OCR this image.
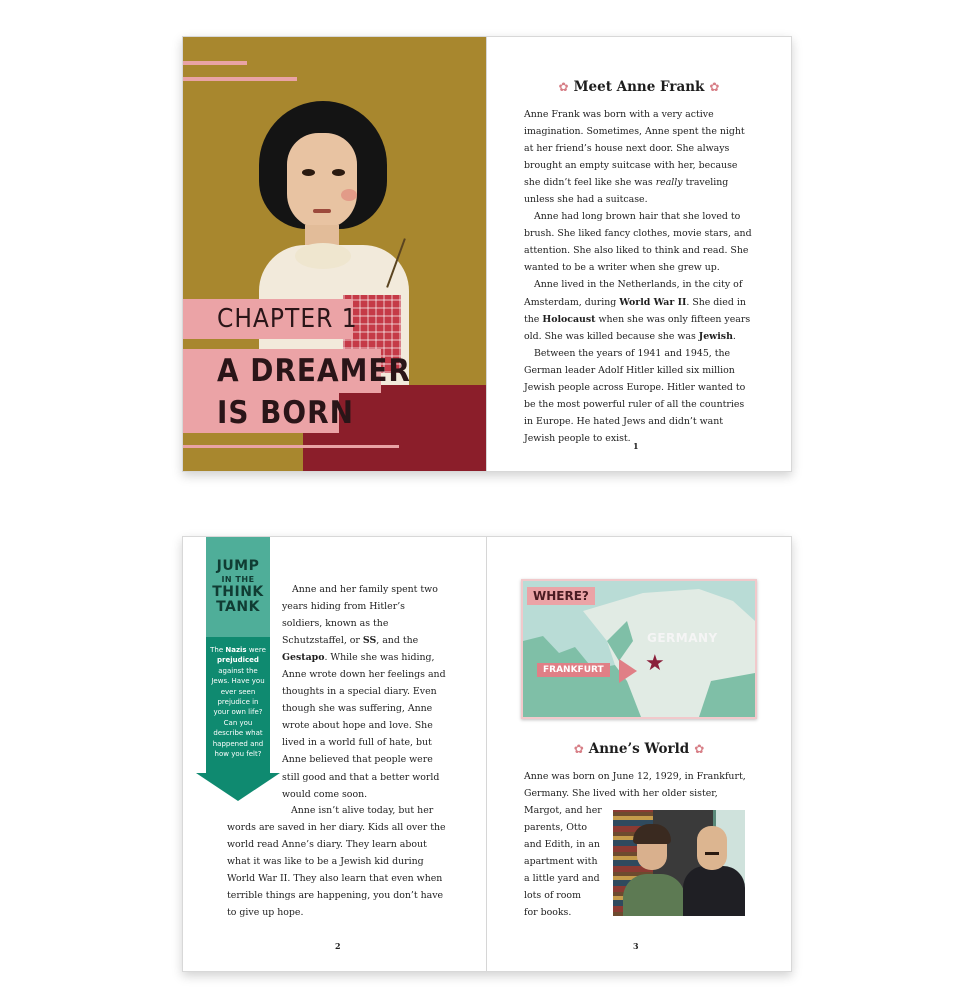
CHAPTER 1
A DREAMER
IS BORN
✿ Meet Anne Frank ✿

Anne Frank was born with a very active imagination. Sometimes, Anne spent the night at her friend’s house next door. She always brought an empty suitcase with her, because she didn’t feel like she was really traveling unless she had a suitcase.

Anne had long brown hair that she loved to brush. She liked fancy clothes, movie stars, and attention. She also liked to think and read. She wanted to be a writer when she grew up.

Anne lived in the Netherlands, in the city of Amsterdam, during World War II. She died in the Holocaust when she was only fifteen years old. She was killed because she was Jewish.

Between the years of 1941 and 1945, the German leader Adolf Hitler killed six million Jewish people across Europe. Hitler wanted to be the most powerful ruler of all the countries in Europe. He hated Jews and didn’t want Jewish people to exist.

1
JUMP
IN THE
THINK
TANK
The Nazis were prejudiced against the Jews. Have you ever seen prejudice in your own life? Can you describe what happened and how you felt?

Anne and her family spent two years hiding from Hitler’s soldiers, known as the Schutzstaffel, or SS, and the Gestapo. While she was hiding, Anne wrote down her feelings and thoughts in a special diary. Even though she was suffering, Anne wrote about hope and love. She lived in a world full of hate, but Anne believed that people were still good and that a better world would come soon.

Anne isn’t alive today, but her words are saved in her diary. Kids all over the world read Anne’s diary. They learn about what it was like to be a Jewish kid during World War II. They also learn that even when terrible things are happening, you don’t have to give up hope.

2
WHERE?
GERMANY
FRANKFURT ★
✿ Anne’s World ✿

Anne was born on June 12, 1929, in Frankfurt, Germany. She lived with her older sister,

Margot, and her
parents, Otto
and Edith, in an
apartment with
a little yard and
lots of room
for books.
3
